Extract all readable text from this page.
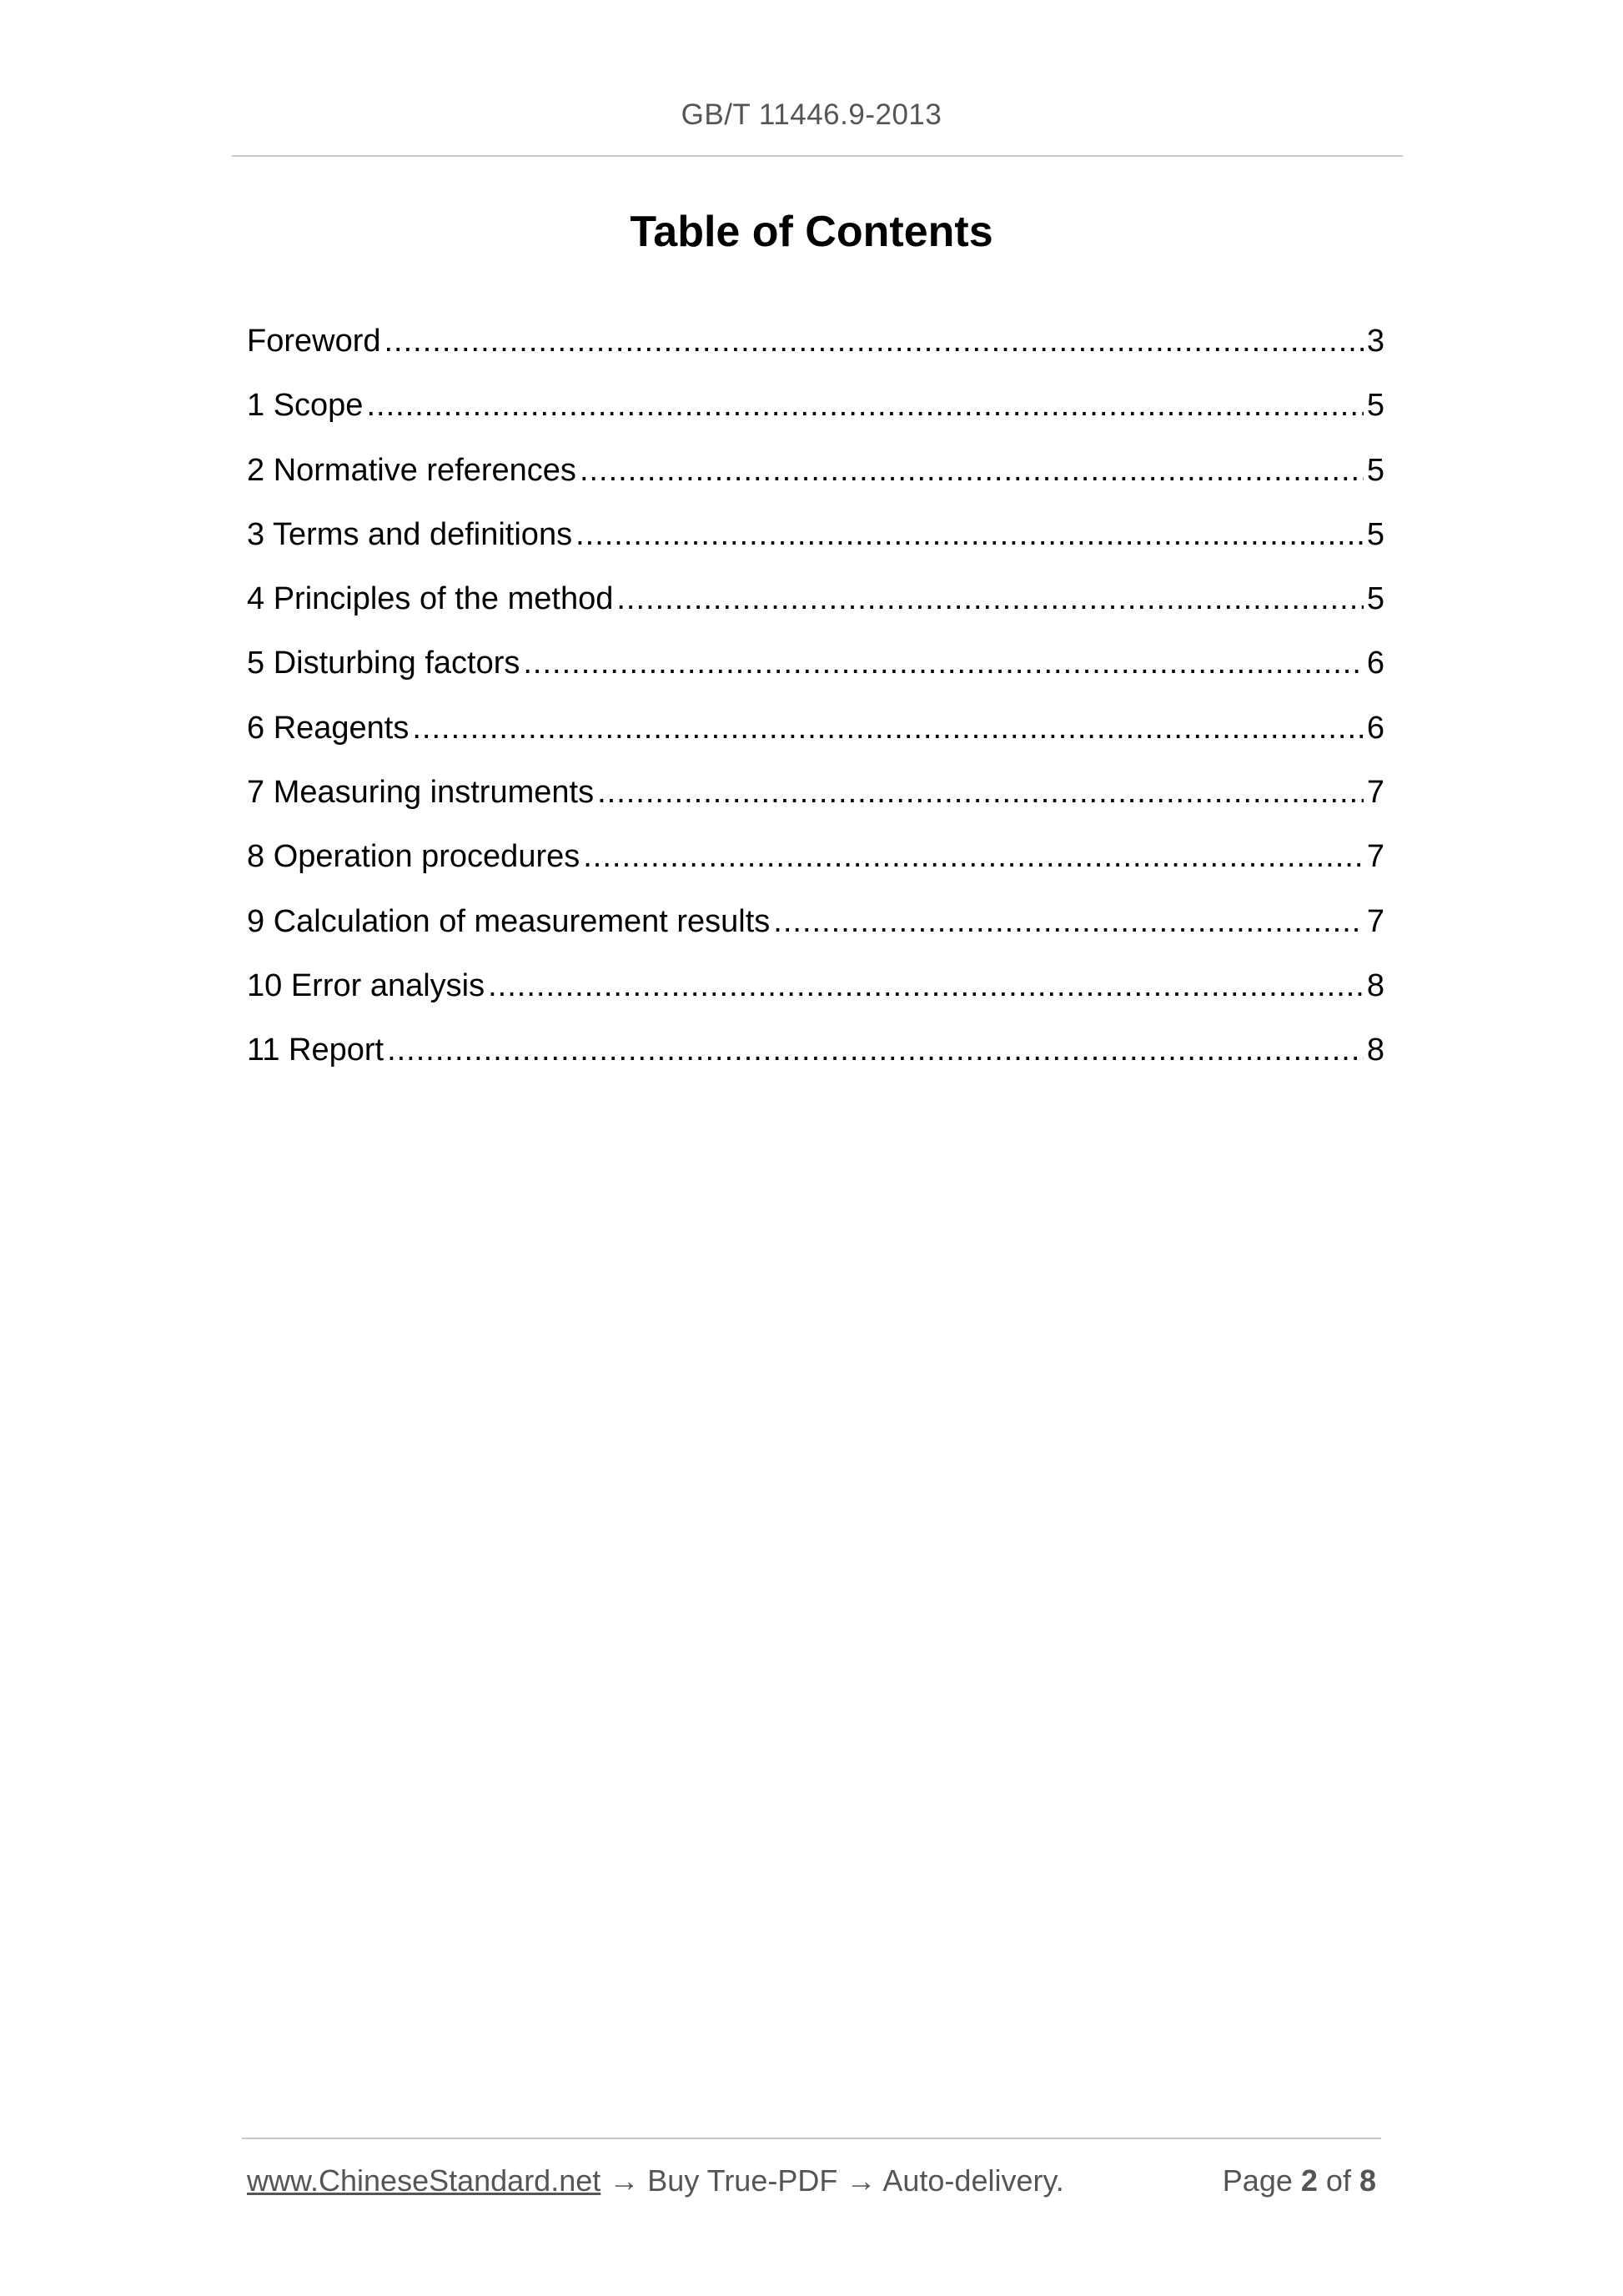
GB/T 11446.9-2013
Table of Contents
Foreword .....	3
1 Scope .....	5
2 Normative references .....	5
3 Terms and definitions .....	5
4 Principles of the method .....	5
5 Disturbing factors .....	6
6 Reagents .....	6
7 Measuring instruments .....	7
8 Operation procedures .....	7
9 Calculation of measurement results .....	7
10 Error analysis .....	8
11 Report .....	8
www.ChineseStandard.net → Buy True-PDF → Auto-delivery.	Page 2 of 8
